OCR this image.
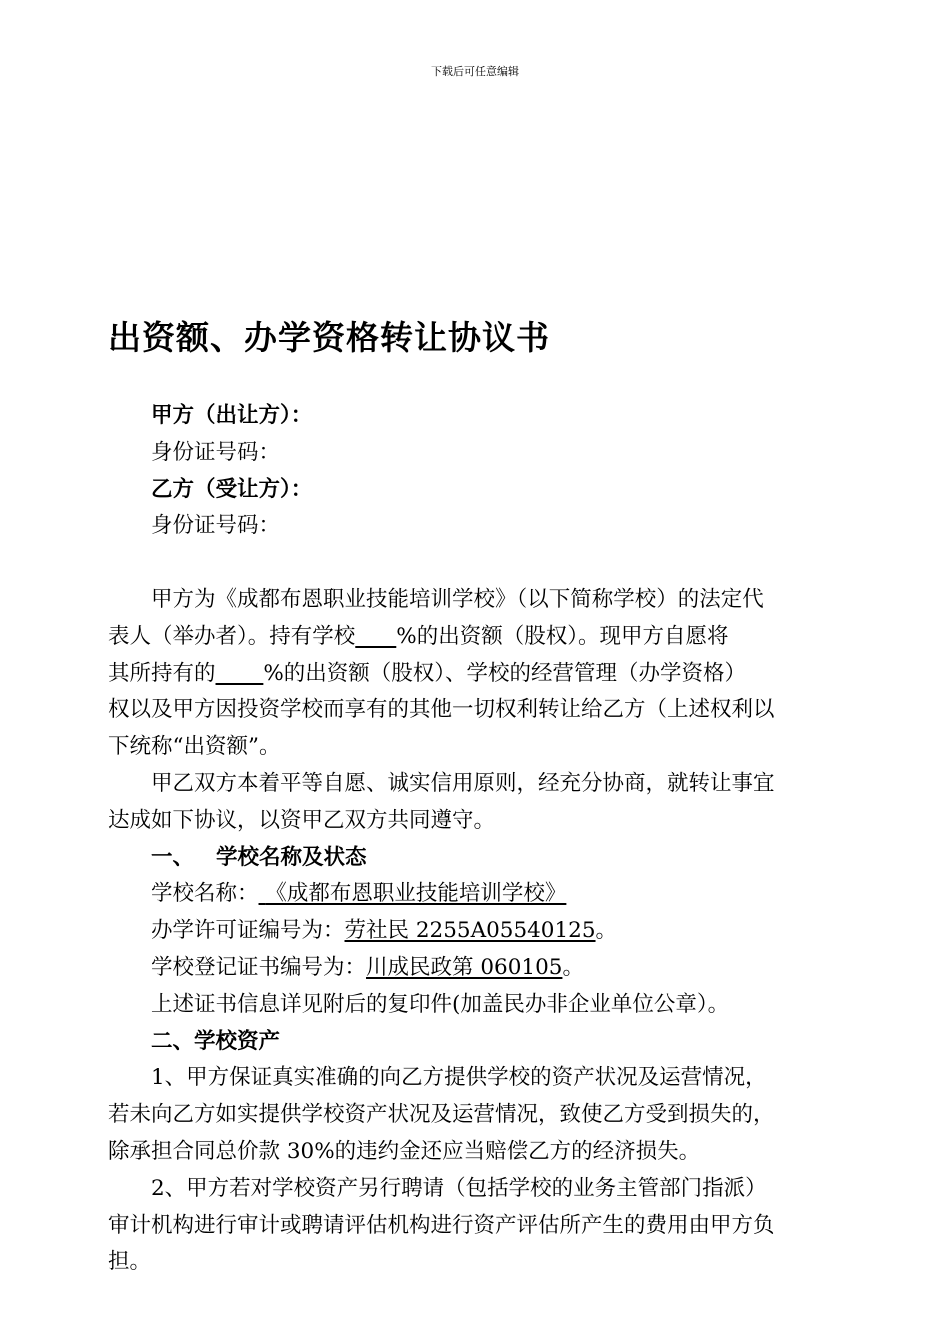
下载后可任意编辑
出资额、办学资格转让协议书
甲方（出让方）：
身份证号码：
乙方（受让方）：
身份证号码：
甲方为《成都布恩职业技能培训学校》（以下简称学校）的法定代
表人（举办者）。持有学校 %的出资额（股权）。现甲方自愿将
其所持有的 %的出资额（股权）、学校的经营管理（办学资格）
权以及甲方因投资学校而享有的其他一切权利转让给乙方（上述权利以
下统称“出资额”。
甲乙双方本着平等自愿、诚实信用原则，经充分协商，就转让事宜
达成如下协议，以资甲乙双方共同遵守。
一、 学校名称及状态
学校名称： 《成都布恩职业技能培训学校》
办学许可证编号为：劳社民 2255A05540125。
学校登记证书编号为：川成民政第 060105。
上述证书信息详见附后的复印件(加盖民办非企业单位公章）。
二、学校资产
1、甲方保证真实准确的向乙方提供学校的资产状况及运营情况，
若未向乙方如实提供学校资产状况及运营情况，致使乙方受到损失的，
除承担合同总价款 30%的违约金还应当赔偿乙方的经济损失。
2、甲方若对学校资产另行聘请（包括学校的业务主管部门指派）
审计机构进行审计或聘请评估机构进行资产评估所产生的费用由甲方负
担。
